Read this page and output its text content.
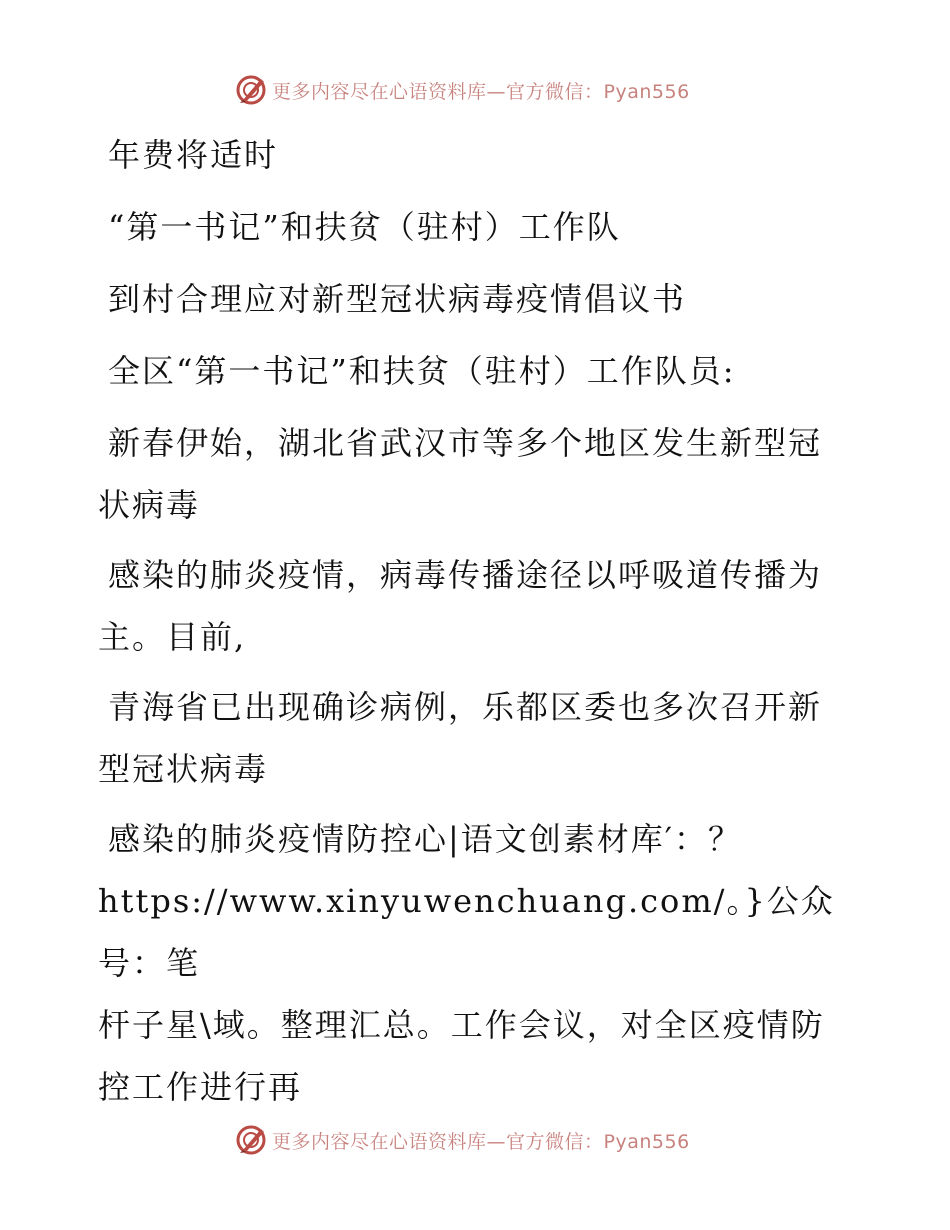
更多内容尽在心语资料库—官方微信：Pyan556
年费将适时
“第一书记”和扶贫（驻村）工作队
到村合理应对新型冠状病毒疫情倡议书
全区“第一书记”和扶贫（驻村）工作队员:
新春伊始，湖北省武汉市等多个地区发生新型冠
状病毒
感染的肺炎疫情，病毒传播途径以呼吸道传播为
主。目前,
青海省已出现确诊病例，乐都区委也多次召开新
型冠状病毒
感染的肺炎疫情防控心|语文创素材库′：？
https://www.xinyuwenchuang.com/。}公众号：笔
杆子星\域。整理汇总。工作会议，对全区疫情防
控工作进行再
更多内容尽在心语资料库—官方微信：Pyan556
